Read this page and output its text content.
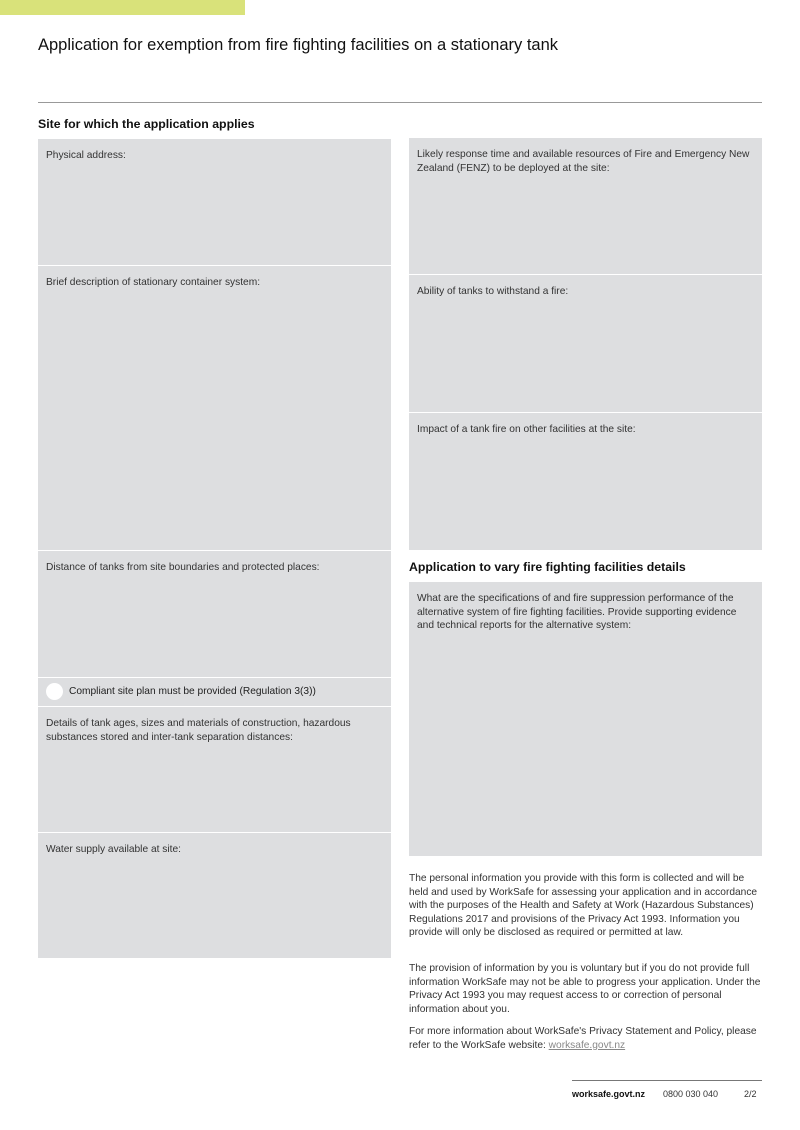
Application for exemption from fire fighting facilities on a stationary tank
Site for which the application applies
Physical address:
Brief description of stationary container system:
Distance of tanks from site boundaries and protected places:
Compliant site plan must be provided (Regulation 3(3))
Details of tank ages, sizes and materials of construction, hazardous substances stored and inter-tank separation distances:
Water supply available at site:
Likely response time and available resources of Fire and Emergency New Zealand (FENZ) to be deployed at the site:
Ability of tanks to withstand a fire:
Impact of a tank fire on other facilities at the site:
Application to vary fire fighting facilities details
What are the specifications of and fire suppression performance of the alternative system of fire fighting facilities. Provide supporting evidence and technical reports for the alternative system:
The personal information you provide with this form is collected and will be held and used by WorkSafe for assessing your application and in accordance with the purposes of the Health and Safety at Work (Hazardous Substances) Regulations 2017 and provisions of the Privacy Act 1993. Information you provide will only be disclosed as required or permitted at law.
The provision of information by you is voluntary but if you do not provide full information WorkSafe may not be able to progress your application. Under the Privacy Act 1993 you may request access to or correction of personal information about you.
For more information about WorkSafe's Privacy Statement and Policy, please refer to the WorkSafe website: worksafe.govt.nz
worksafe.govt.nz 0800 030 040	2/2
